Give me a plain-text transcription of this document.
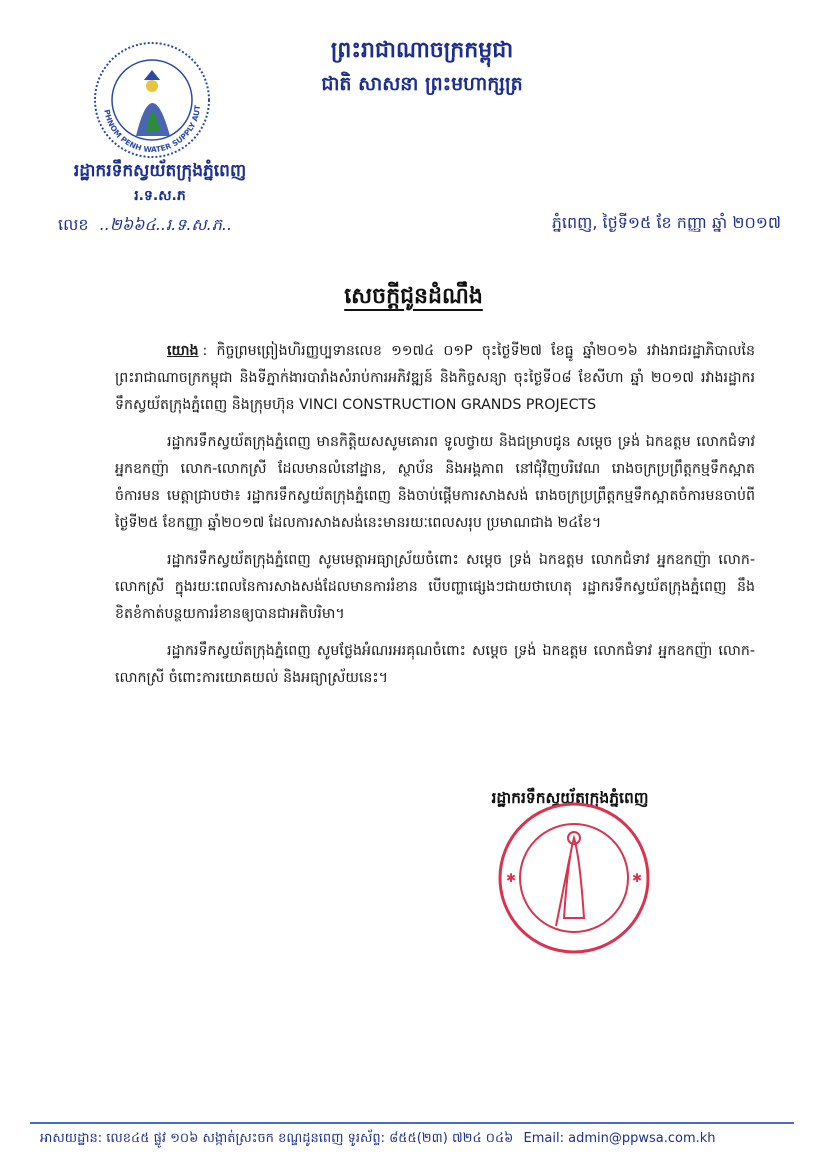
PHNOM PENH WATER SUPPLY AUT
រដ្ឋាករទឹកស្វយ័តក្រុងភ្នំពេញ
រ.ទ.ស.ភ
លេខ ..២៦៦៤..រ.ទ.ស.ភ..
ព្រះរាជាណាចក្រកម្ពុជា
ជាតិ សាសនា ព្រះមហាក្សត្រ
ភ្នំពេញ, ថ្ងៃទី១៥ ខែ កញ្ញា ឆ្នាំ ២០១៧
សេចក្តីជូនដំណឹង

យោង : កិច្ចព្រមព្រៀងហិរញ្ញប្បទានលេខ ១១៧៤ ០១P ចុះថ្ងៃទី២៧ ខែធ្នូ ឆ្នាំ២០១៦ រវាងរាជរដ្ឋាភិបាលនៃ ព្រះរាជាណាចក្រកម្ពុជា និងទីភ្នាក់ងារបារាំងសំរាប់ការអភិវឌ្ឍន៍ និងកិច្ចសន្យា ចុះថ្ងៃទី០៨ ខែសីហា ឆ្នាំ ២០១៧ រវាងរដ្ឋាករទឹកស្វយ័តក្រុងភ្នំពេញ និងក្រុមហ៊ុន VINCI CONSTRUCTION GRANDS PROJECTS

រដ្ឋាករទឹកស្វយ័តក្រុងភ្នំពេញ មានកិត្តិយសសូមគោរព ទូលថ្វាយ និងជម្រាបជូន សម្តេច ទ្រង់ ឯកឧត្តម លោកជំទាវ អ្នកឧកញ៉ា លោក-លោកស្រី ដែលមានលំនៅដ្ឋាន, ស្ថាប័ន និងអង្គភាព នៅជុំវិញបរិវេណ រោងចក្រប្រព្រឹត្តកម្មទឹកស្អាតចំការមន មេត្តាជ្រាបថា៖ រដ្ឋាករទឹកស្វយ័តក្រុងភ្នំពេញ និងចាប់ផ្តើមការសាងសង់ រោងចក្រប្រព្រឹត្តកម្មទឹកស្អាតចំការមនចាប់ពីថ្ងៃទី២៥ ខែកញ្ញា ឆ្នាំ២០១៧ ដែលការសាងសង់នេះមានរយៈពេលសរុប ប្រមាណជាង ២៤ខែ។

រដ្ឋាករទឹកស្វយ័តក្រុងភ្នំពេញ សូមមេត្តាអធ្យាស្រ័យចំពោះ សម្តេច ទ្រង់ ឯកឧត្តម លោកជំទាវ អ្នកឧកញ៉ា លោក-លោកស្រី ក្នុងរយៈពេលនៃការសាងសង់ដែលមានការរំខាន បើបញ្ហាផ្សេងៗជាយថាហេតុ រដ្ឋាករទឹកស្វយ័តក្រុងភ្នំពេញ នឹងខិតខំកាត់បន្ថយការរំខានឲ្យបានជាអតិបរិមា។

រដ្ឋាករទឹកស្វយ័តក្រុងភ្នំពេញ សូមថ្លែងអំណរអរគុណចំពោះ សម្តេច ទ្រង់ ឯកឧត្តម លោកជំទាវ អ្នកឧកញ៉ា លោក-លោកស្រី ចំពោះការយោគយល់ និងអធ្យាស្រ័យនេះ។

រដ្ឋាករទឹកស្វយ័តក្រុងភ្នំពេញ
✱	✱
អាសយដ្ឋាន: លេខ៤៥ ផ្លូវ ១០៦ សង្កាត់ស្រះចក ខណ្ឌដូនពេញ ទូរស័ព្ទ: ៨៥៥(២៣) ៧២៤ ០៤៦ Email: admin@ppwsa.com.kh
